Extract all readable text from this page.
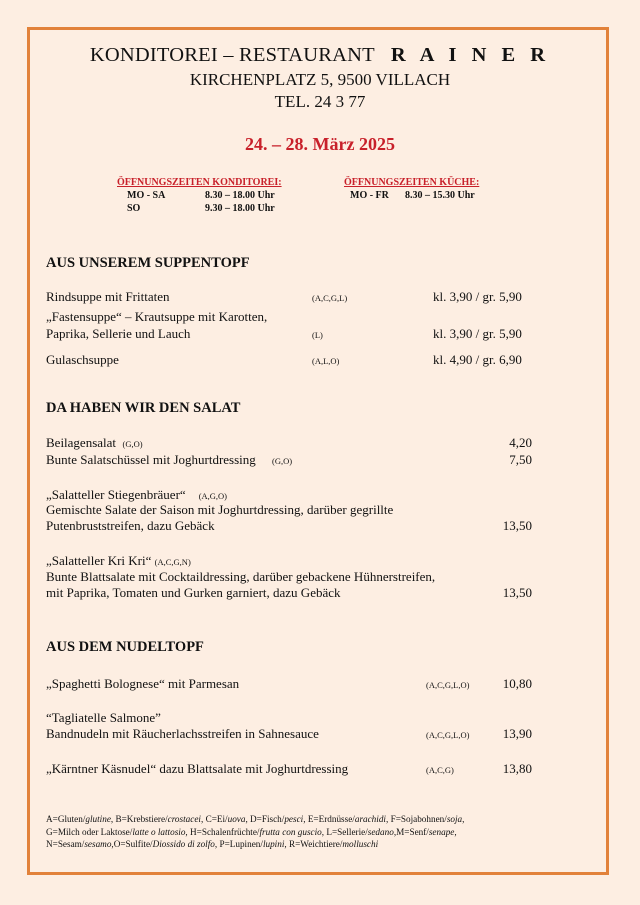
KONDITOREI – RESTAURANT R A I N E R
KIRCHENPLATZ 5, 9500 VILLACH
TEL. 24 3 77
24. – 28. März 2025
ÖFFNUNGSZEITEN KONDITOREI:
MO - SA	8.30 – 18.00 Uhr
SO	9.30 – 18.00 Uhr
ÖFFNUNGSZEITEN KÜCHE:
MO - FR 8.30 – 15.30 Uhr
AUS UNSEREM SUPPENTOPF
Rindsuppe mit Frittaten	(A,C,G,L)	kl. 3,90 / gr. 5,90
„Fastensuppe“ – Krautsuppe mit Karotten,
Paprika, Sellerie und Lauch	(L)	kl. 3,90 / gr. 5,90
Gulaschsuppe	(A,L,O)	kl. 4,90 / gr. 6,90
DA HABEN WIR DEN SALAT
Beilagensalat (G,O)	4,20
Bunte Salatschüssel mit Joghurtdressing (G,O)	7,50
„Salatteller Stiegenbräuer“ (A,G,O)
Gemischte Salate der Saison mit Joghurtdressing, darüber gegrillte
Putenbruststreifen, dazu Gebäck	13,50
„Salatteller Kri Kri“ (A,C,G,N)
Bunte Blattsalate mit Cocktaildressing, darüber gebackene Hühnerstreifen,
mit Paprika, Tomaten und Gurken garniert, dazu Gebäck	13,50
AUS DEM NUDELTOPF
„Spaghetti Bolognese“ mit Parmesan	(A,C,G,L,O)	10,80
“Tagliatelle Salmone”
Bandnudeln mit Räucherlachsstreifen in Sahnesauce	(A,C,G,L,O)	13,90
„Kärntner Käsnudel“ dazu Blattsalate mit Joghurtdressing	(A,C,G)	13,80
A=Gluten/glutine, B=Krebstiere/crostacei, C=Ei/uova, D=Fisch/pesci, E=Erdnüsse/arachidi, F=Sojabohnen/soja,
G=Milch oder Laktose/latte o lattosio, H=Schalenfrüchte/frutta con guscio, L=Sellerie/sedano,M=Senf/senape,
N=Sesam/sesamo,O=Sulfite/Diossido di zolfo, P=Lupinen/lupini, R=Weichtiere/molluschi
